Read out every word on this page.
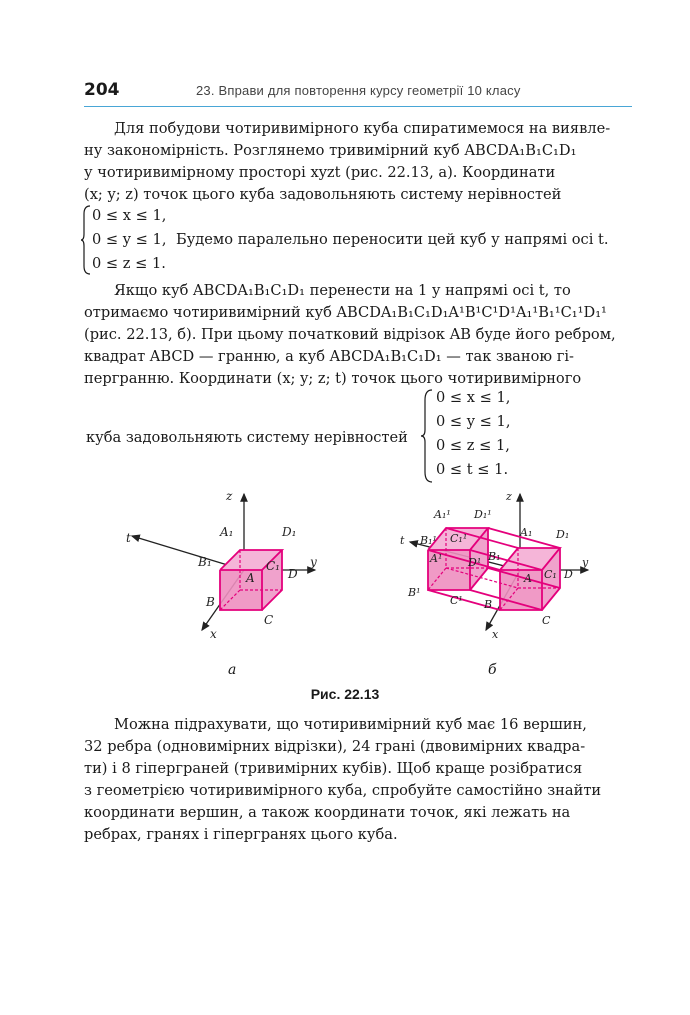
204	23. Вправи для повторення курсу геометрії 10 класу
Для побудови чотиривимірного куба спиратимемося на виявле-
ну закономірність. Розглянемо тривимірний куб ABCDA₁B₁C₁D₁
у чотиривимірному просторі xyzt (рис. 22.13, а). Координати
(x; y; z) точок цього куба задовольняють систему нерівностей
0 ≤ x ≤ 1,
0 ≤ y ≤ 1,
0 ≤ z ≤ 1.
Будемо паралельно переносити цей куб у напрямі осі t.
Якщо куб ABCDA₁B₁C₁D₁ перенести на 1 у напрямі осі t, то
отримаємо чотиривимірний куб ABCDA₁B₁C₁D₁A¹B¹C¹D¹A₁¹B₁¹C₁¹D₁¹
(рис. 22.13, б). При цьому початковий відрізок AB буде його ребром,
квадрат ABCD — гранню, а куб ABCDA₁B₁C₁D₁ — так званою гі-
пергранню. Координати (x; y; z; t) точок цього чотиривимірного
куба задовольняють систему нерівностей
0 ≤ x ≤ 1,
0 ≤ y ≤ 1,
0 ≤ z ≤ 1,
0 ≤ t ≤ 1.
z
t
y
x
A₁	D₁
B₁	C₁
A	D
B
C
z
t
y
x
A₁¹ D₁¹
B₁¹ C₁¹
A¹ D¹
B¹
C¹
A₁ D₁
B₁
C₁
A	D
B
C
а	б
Рис. 22.13
Можна підрахувати, що чотиривимірний куб має 16 вершин,
32 ребра (одновимірних відрізки), 24 грані (двовимірних квадра-
ти) і 8 гіперграней (тривимірних кубів). Щоб краще розібратися
з геометрією чотиривимірного куба, спробуйте самостійно знайти
координати вершин, а також координати точок, які лежать на
ребрах, гранях і гіпергранях цього куба.
